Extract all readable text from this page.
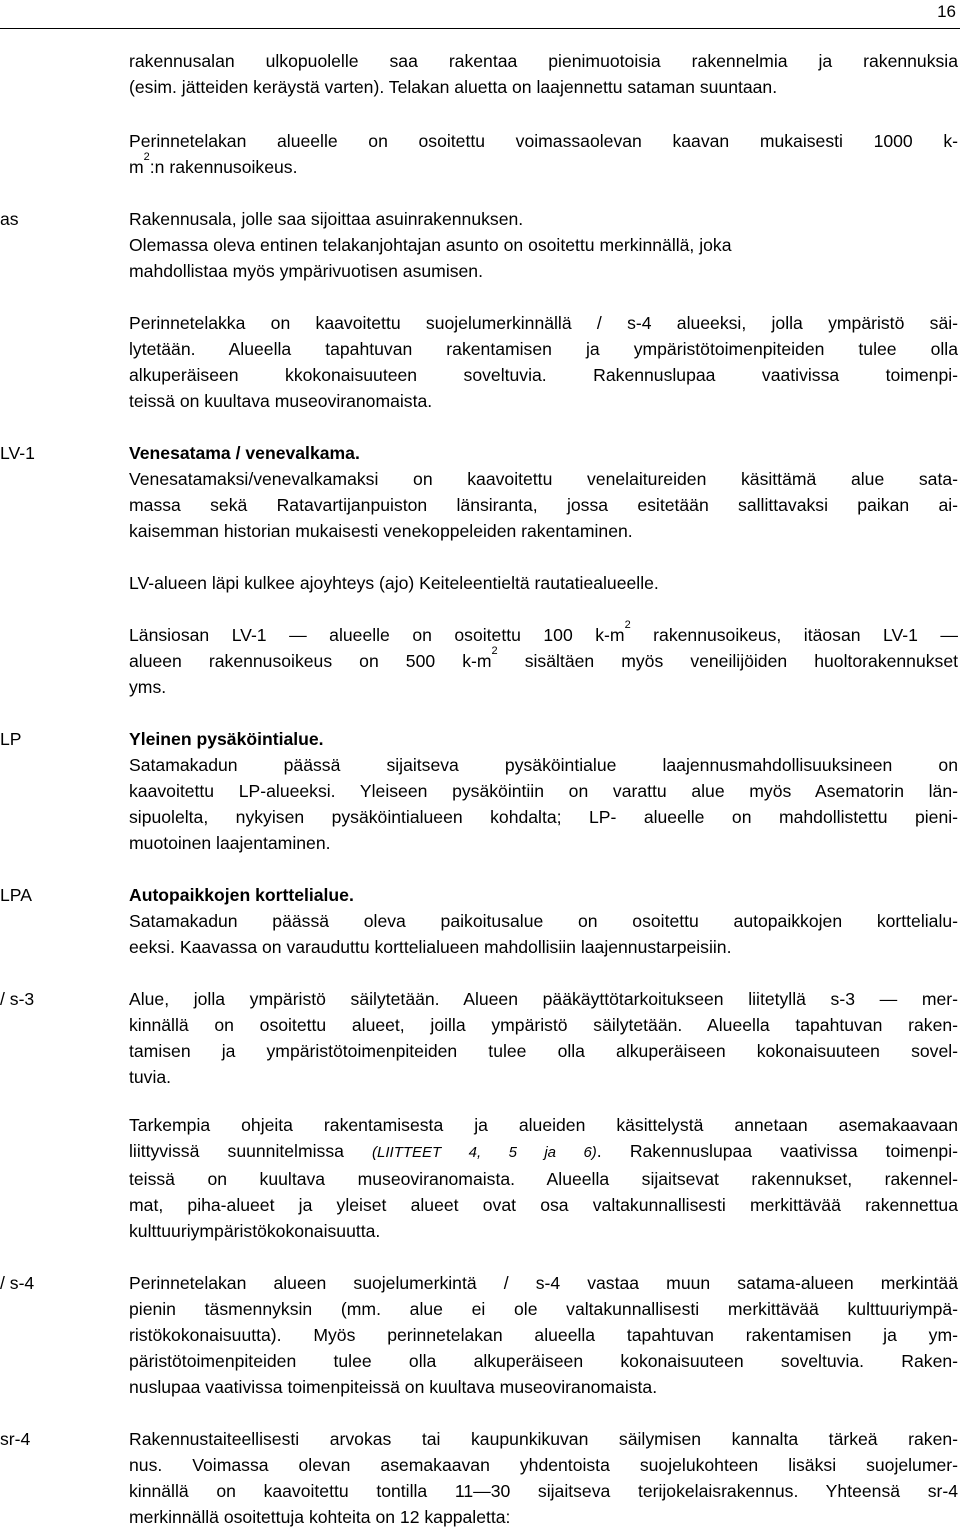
16
rakennusalan ulkopuolelle saa rakentaa pienimuotoisia rakennelmia ja rakennuksia
(esim. jätteiden keräystä varten). Telakan aluetta on laajennettu sataman suuntaan.
Perinnetelakan alueelle on osoitettu voimassaolevan kaavan mukaisesti 1000 k-
$m^2:n$ rakennusoikeus.
as	Rakennusala, jolle saa sijoittaa asuinrakennuksen.
Olemassa oleva entinen telakanjohtajan asunto on osoitettu merkinnällä, joka
mahdollistaa myös ympärivuotisen asumisen.
Perinnetelakka on kaavoitettu suojelumerkinnällä / s-4 alueeksi, jolla ympäristö säi-
lytetään. Alueella tapahtuvan rakentamisen ja ympäristötoimenpiteiden tulee olla
alkuperäiseen kkokonaisuuteen soveltuvia. Rakennuslupaa vaativissa toimenpi-
teissä on kuultava museoviranomaista.
LV-1	Venesatama / venevalkama.
Venesatamaksi/venevalkamaksi on kaavoitettu venelaitureiden käsittämä alue sata-
massa sekä Ratavartijanpuiston länsiranta, jossa esitetään sallittavaksi paikan ai-
kaisemman historian mukaisesti venekoppeleiden rakentaminen.
LV-alueen läpi kulkee ajoyhteys (ajo) Keiteleentieltä rautatiealueelle.
Länsiosan LV-1 — alueelle on osoitettu 100 $k-m^2$ rakennusoikeus, itäosan LV-1 —
alueen rakennusoikeus on 500 $k-m^2$ sisältäen myös veneilijöiden huoltorakennukset
yms.
LP	Yleinen pysäköintialue.
Satamakadun päässä sijaitseva pysäköintialue laajennusmahdollisuuksineen on
kaavoitettu LP-alueeksi. Yleiseen pysäköintiin on varattu alue myös Asematorin län-
sipuolelta, nykyisen pysäköintialueen kohdalta; LP- alueelle on mahdollistettu pieni-
muotoinen laajentaminen.
LPA	Autopaikkojen korttelialue.
Satamakadun päässä oleva paikoitusalue on osoitettu autopaikkojen korttelialu-
eeksi. Kaavassa on varauduttu korttelialueen mahdollisiin laajennustarpeisiin.
/ s-3	Alue, jolla ympäristö säilytetään. Alueen pääkäyttötarkoitukseen liitetyllä s-3 — mer-
kinnällä on osoitettu alueet, joilla ympäristö säilytetään. Alueella tapahtuvan raken-
tamisen ja ympäristötoimenpiteiden tulee olla alkuperäiseen kokonaisuuteen sovel-
tuvia.
Tarkempia ohjeita rakentamisesta ja alueiden käsittelystä annetaan asemakaavaan
liittyvissä suunnitelmissa (LIITTEET 4, 5 ja 6). Rakennuslupaa vaativissa toimenpi-
teissä on kuultava museoviranomaista. Alueella sijaitsevat rakennukset, rakennel-
mat, piha-alueet ja yleiset alueet ovat osa valtakunnallisesti merkittävää rakennettua
kulttuuriympäristökokonaisuutta.
/ s-4	Perinnetelakan alueen suojelumerkintä / s-4 vastaa muun satama-alueen merkintää
pienin täsmennyksin (mm. alue ei ole valtakunnallisesti merkittävää kulttuuriympä-
ristökokonaisuutta). Myös perinnetelakan alueella tapahtuvan rakentamisen ja ym-
päristötoimenpiteiden tulee olla alkuperäiseen kokonaisuuteen soveltuvia. Raken-
nuslupaa vaativissa toimenpiteissä on kuultava museoviranomaista.
sr-4	Rakennustaiteellisesti arvokas tai kaupunkikuvan säilymisen kannalta tärkeä raken-
nus. Voimassa olevan asemakaavan yhdentoista suojelukohteen lisäksi suojelumer-
kinnällä on kaavoitettu tontilla 11—30 sijaitseva terijokelaisrakennus. Yhteensä sr-4
merkinnällä osoitettuja kohteita on 12 kappaletta:
